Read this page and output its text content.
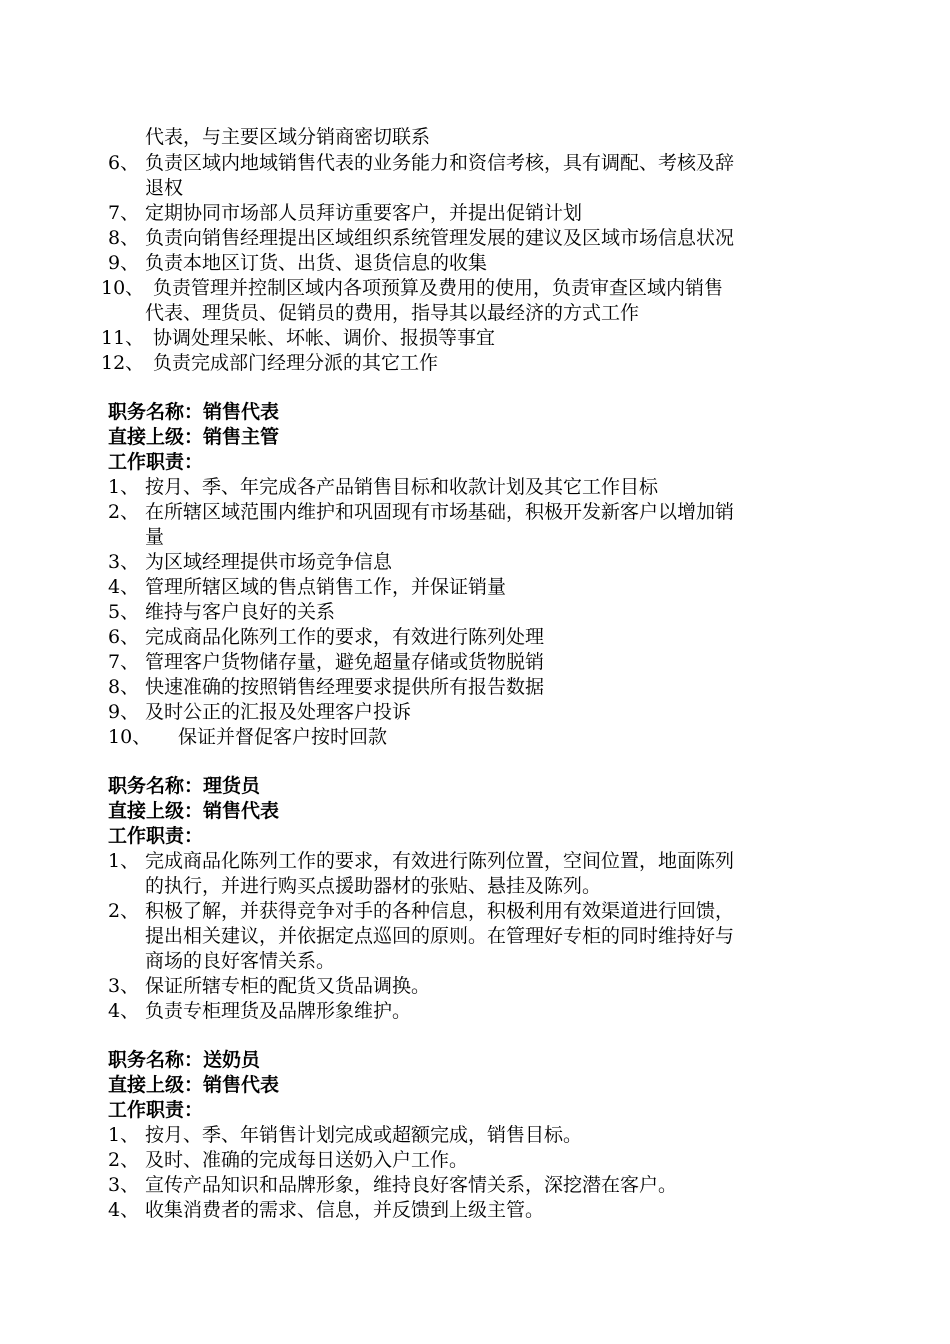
代表，与主要区域分销商密切联系
6、 负责区域内地域销售代表的业务能力和资信考核，具有调配、考核及辞
退权
7、 定期协同市场部人员拜访重要客户，并提出促销计划
8、 负责向销售经理提出区域组织系统管理发展的建议及区域市场信息状况
9、 负责本地区订货、出货、退货信息的收集
10、 负责管理并控制区域内各项预算及费用的使用，负责审查区域内销售
代表、理货员、促销员的费用，指导其以最经济的方式工作
11、 协调处理呆帐、坏帐、调价、报损等事宜
12、 负责完成部门经理分派的其它工作
职务名称：销售代表
直接上级：销售主管
工作职责：
1、 按月、季、年完成各产品销售目标和收款计划及其它工作目标
2、 在所辖区域范围内维护和巩固现有市场基础，积极开发新客户以增加销
量
3、 为区域经理提供市场竞争信息
4、 管理所辖区域的售点销售工作，并保证销量
5、 维持与客户良好的关系
6、 完成商品化陈列工作的要求，有效进行陈列处理
7、 管理客户货物储存量，避免超量存储或货物脱销
8、 快速准确的按照销售经理要求提供所有报告数据
9、 及时公正的汇报及处理客户投诉
10、 保证并督促客户按时回款
职务名称：理货员
直接上级：销售代表
工作职责：
1、 完成商品化陈列工作的要求，有效进行陈列位置，空间位置，地面陈列
的执行，并进行购买点援助器材的张贴、悬挂及陈列。
2、 积极了解，并获得竞争对手的各种信息，积极利用有效渠道进行回馈，
提出相关建议，并依据定点巡回的原则。在管理好专柜的同时维持好与
商场的良好客情关系。
3、 保证所辖专柜的配货又货品调换。
4、 负责专柜理货及品牌形象维护。
职务名称：送奶员
直接上级：销售代表
工作职责：
1、 按月、季、年销售计划完成或超额完成，销售目标。
2、 及时、准确的完成每日送奶入户工作。
3、 宣传产品知识和品牌形象，维持良好客情关系，深挖潜在客户。
4、 收集消费者的需求、信息，并反馈到上级主管。
